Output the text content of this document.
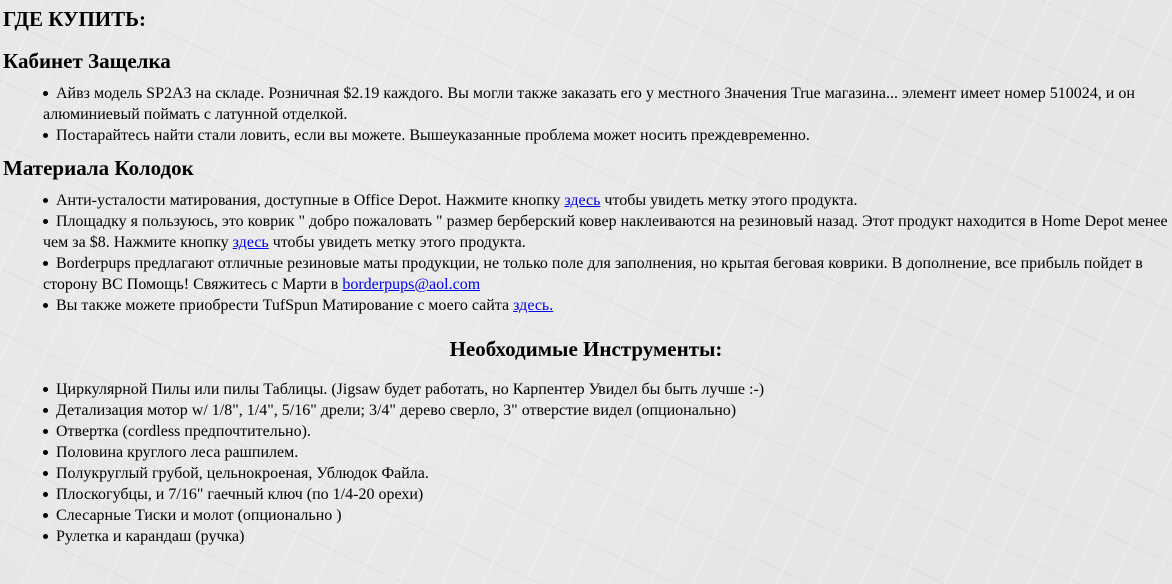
ГДЕ КУПИТЬ:
Кабинет Защелка
Айвз модель SP2A3 на складе. Розничная $2.19 каждого. Вы могли также заказать его у местного Значения True магазина... элемент имеет номер 510024, и он алюминиевый поймать с латунной отделкой.
Постарайтесь найти стали ловить, если вы можете. Вышеуказанные проблема может носить преждевременно.
Материала Колодок
Анти-усталости матирования, доступные в Office Depot. Нажмите кнопку здесь чтобы увидеть метку этого продукта.
Площадку я пользуюсь, это коврик " добро пожаловать " размер берберский ковер наклеиваются на резиновый назад. Этот продукт находится в Home Depot менее чем за $8. Нажмите кнопку здесь чтобы увидеть метку этого продукта.
Borderpups предлагают отличные резиновые маты продукции, не только поле для заполнения, но крытая беговая коврики. В дополнение, все прибыль пойдет в сторону ВС Помощь! Свяжитесь с Марти в borderpups@aol.com
Вы также можете приобрести TufSpun Матирование с моего сайта здесь.
Необходимые Инструменты:
Циркулярной Пилы или пилы Таблицы. (Jigsaw будет работать, но Карпентер Увидел бы быть лучше :-)
Детализация мотор w/ 1/8", 1/4", 5/16" дрели; 3/4" дерево сверло, 3" отверстие видел (опционально)
Отвертка (cordless предпочтительно).
Половина круглого леса рашпилем.
Полукруглый грубой, цельнокроеная, Ублюдок Файла.
Плоскогубцы, и 7/16" гаечный ключ (по 1/4-20 орехи)
Слесарные Тиски и молот (опционально )
Рулетка и карандаш (ручка)
